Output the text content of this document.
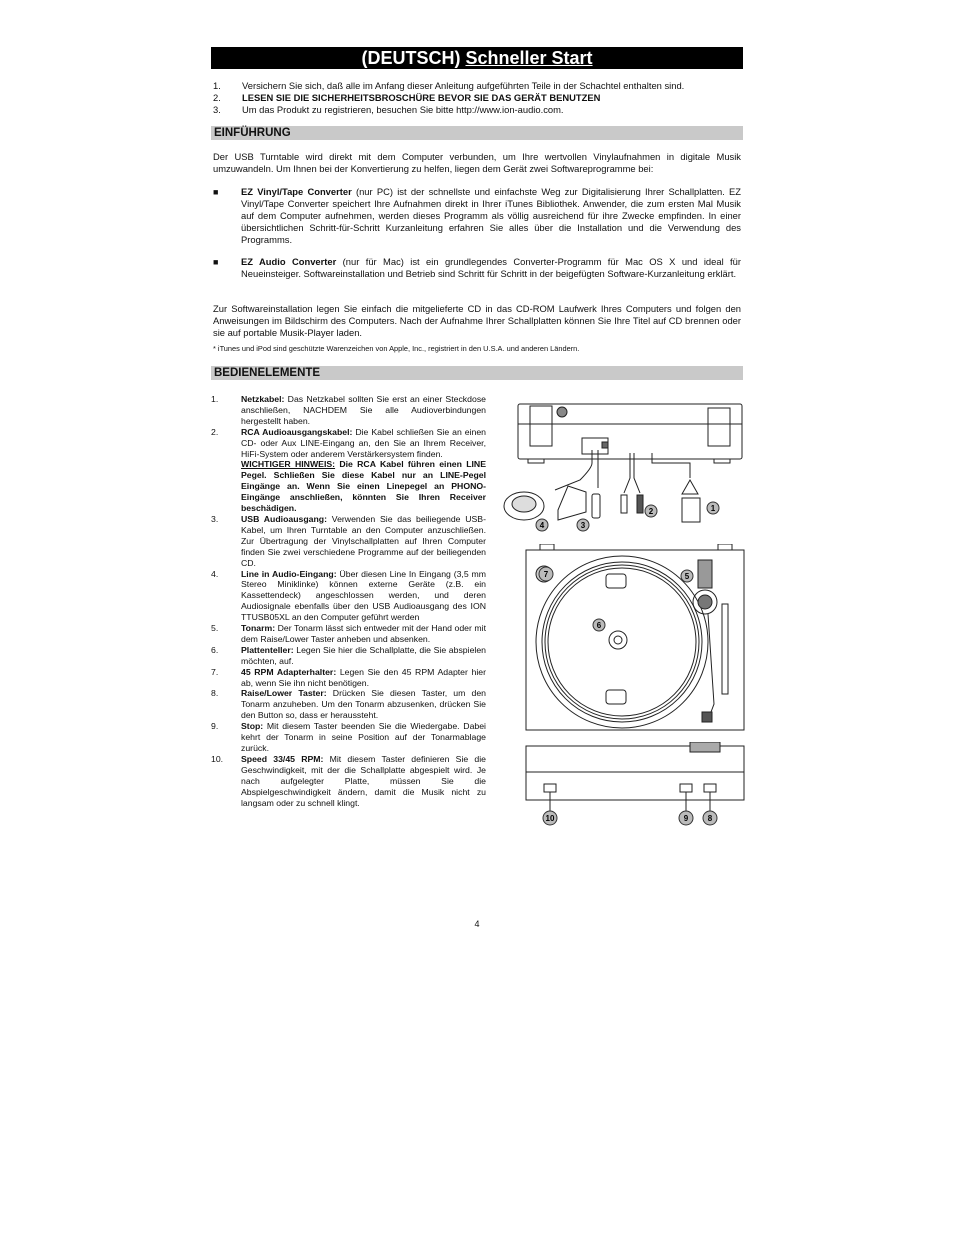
(DEUTSCH) Schneller Start
1. Versichern Sie sich, daß alle im Anfang dieser Anleitung aufgeführten Teile in der Schachtel enthalten sind.
2. LESEN SIE DIE SICHERHEITSBROSCHÜRE BEVOR SIE DAS GERÄT BENUTZEN
3. Um das Produkt zu registrieren, besuchen Sie bitte http://www.ion-audio.com.
EINFÜHRUNG
Der USB Turntable wird direkt mit dem Computer verbunden, um Ihre wertvollen Vinylaufnahmen in digitale Musik umzuwandeln. Um Ihnen bei der Konvertierung zu helfen, liegen dem Gerät zwei Softwareprogramme bei:
■ EZ Vinyl/Tape Converter (nur PC) ist der schnellste und einfachste Weg zur Digitalisierung Ihrer Schallplatten. EZ Vinyl/Tape Converter speichert Ihre Aufnahmen direkt in Ihrer iTunes Bibliothek. Anwender, die zum ersten Mal Musik auf dem Computer aufnehmen, werden dieses Programm als völlig ausreichend für ihre Zwecke empfinden. In einer übersichtlichen Schritt-für-Schritt Kurzanleitung erfahren Sie alles über die Installation und die Verwendung des Programms.
■ EZ Audio Converter (nur für Mac) ist ein grundlegendes Converter-Programm für Mac OS X und ideal für Neueinsteiger. Softwareinstallation und Betrieb sind Schritt für Schritt in der beigefügten Software-Kurzanleitung erklärt.
Zur Softwareinstallation legen Sie einfach die mitgelieferte CD in das CD-ROM Laufwerk Ihres Computers und folgen den Anweisungen im Bildschirm des Computers. Nach der Aufnahme Ihrer Schallplatten können Sie Ihre Titel auf CD brennen oder sie auf portable Musik-Player laden.
* iTunes und iPod sind geschützte Warenzeichen von Apple, Inc., registriert in den U.S.A. und anderen Ländern.
BEDIENELEMENTE
1.	Netzkabel: Das Netzkabel sollten Sie erst an einer Steckdose anschließen, NACHDEM Sie alle Audioverbindungen hergestellt haben.
2.	RCA Audioausgangskabel: Die Kabel schließen Sie an einen CD- oder Aux LINE-Eingang an, den Sie an Ihrem Receiver, HiFi-System oder anderem Verstärkersystem finden.
WICHTIGER HINWEIS: Die RCA Kabel führen einen LINE Pegel. Schließen Sie diese Kabel nur an LINE-Pegel Eingänge an. Wenn Sie einen Linepegel an PHONO-Eingänge anschließen, könnten Sie Ihren Receiver beschädigen.
3.	USB Audioausgang: Verwenden Sie das beiliegende USB-Kabel, um Ihren Turntable an den Computer anzuschließen. Zur Übertragung der Vinylschallplatten auf Ihren Computer finden Sie zwei verschiedene Programme auf der beiliegenden CD.
4.	Line in Audio-Eingang: Über diesen Line In Eingang (3,5 mm Stereo Miniklinke) können externe Geräte (z.B. ein Kassettendeck) angeschlossen werden, und deren Audiosignale ebenfalls über den USB Audioausgang des ION TTUSB05XL an den Computer geführt werden
5.	Tonarm: Der Tonarm lässt sich entweder mit der Hand oder mit dem Raise/Lower Taster anheben und absenken.
6.	Plattenteller: Legen Sie hier die Schallplatte, die Sie abspielen möchten, auf.
7.	45 RPM Adapterhalter: Legen Sie den 45 RPM Adapter hier ab, wenn Sie ihn nicht benötigen.
8.	Raise/Lower Taster: Drücken Sie diesen Taster, um den Tonarm anzuheben. Um den Tonarm abzusenken, drücken Sie den Button so, dass er heraussteht.
9.	Stop: Mit diesem Taster beenden Sie die Wiedergabe. Dabei kehrt der Tonarm in seine Position auf der Tonarmablage zurück.
10. Speed 33/45 RPM: Mit diesem Taster definieren Sie die Geschwindigkeit, mit der die Schallplatte abgespielt wird. Je nach aufgelegter Platte, müssen Sie die Abspielgeschwindigkeit ändern, damit die Musik nicht zu langsam oder zu schnell klingt.
4	3
2	1
7	5
6
10	9 8
4
